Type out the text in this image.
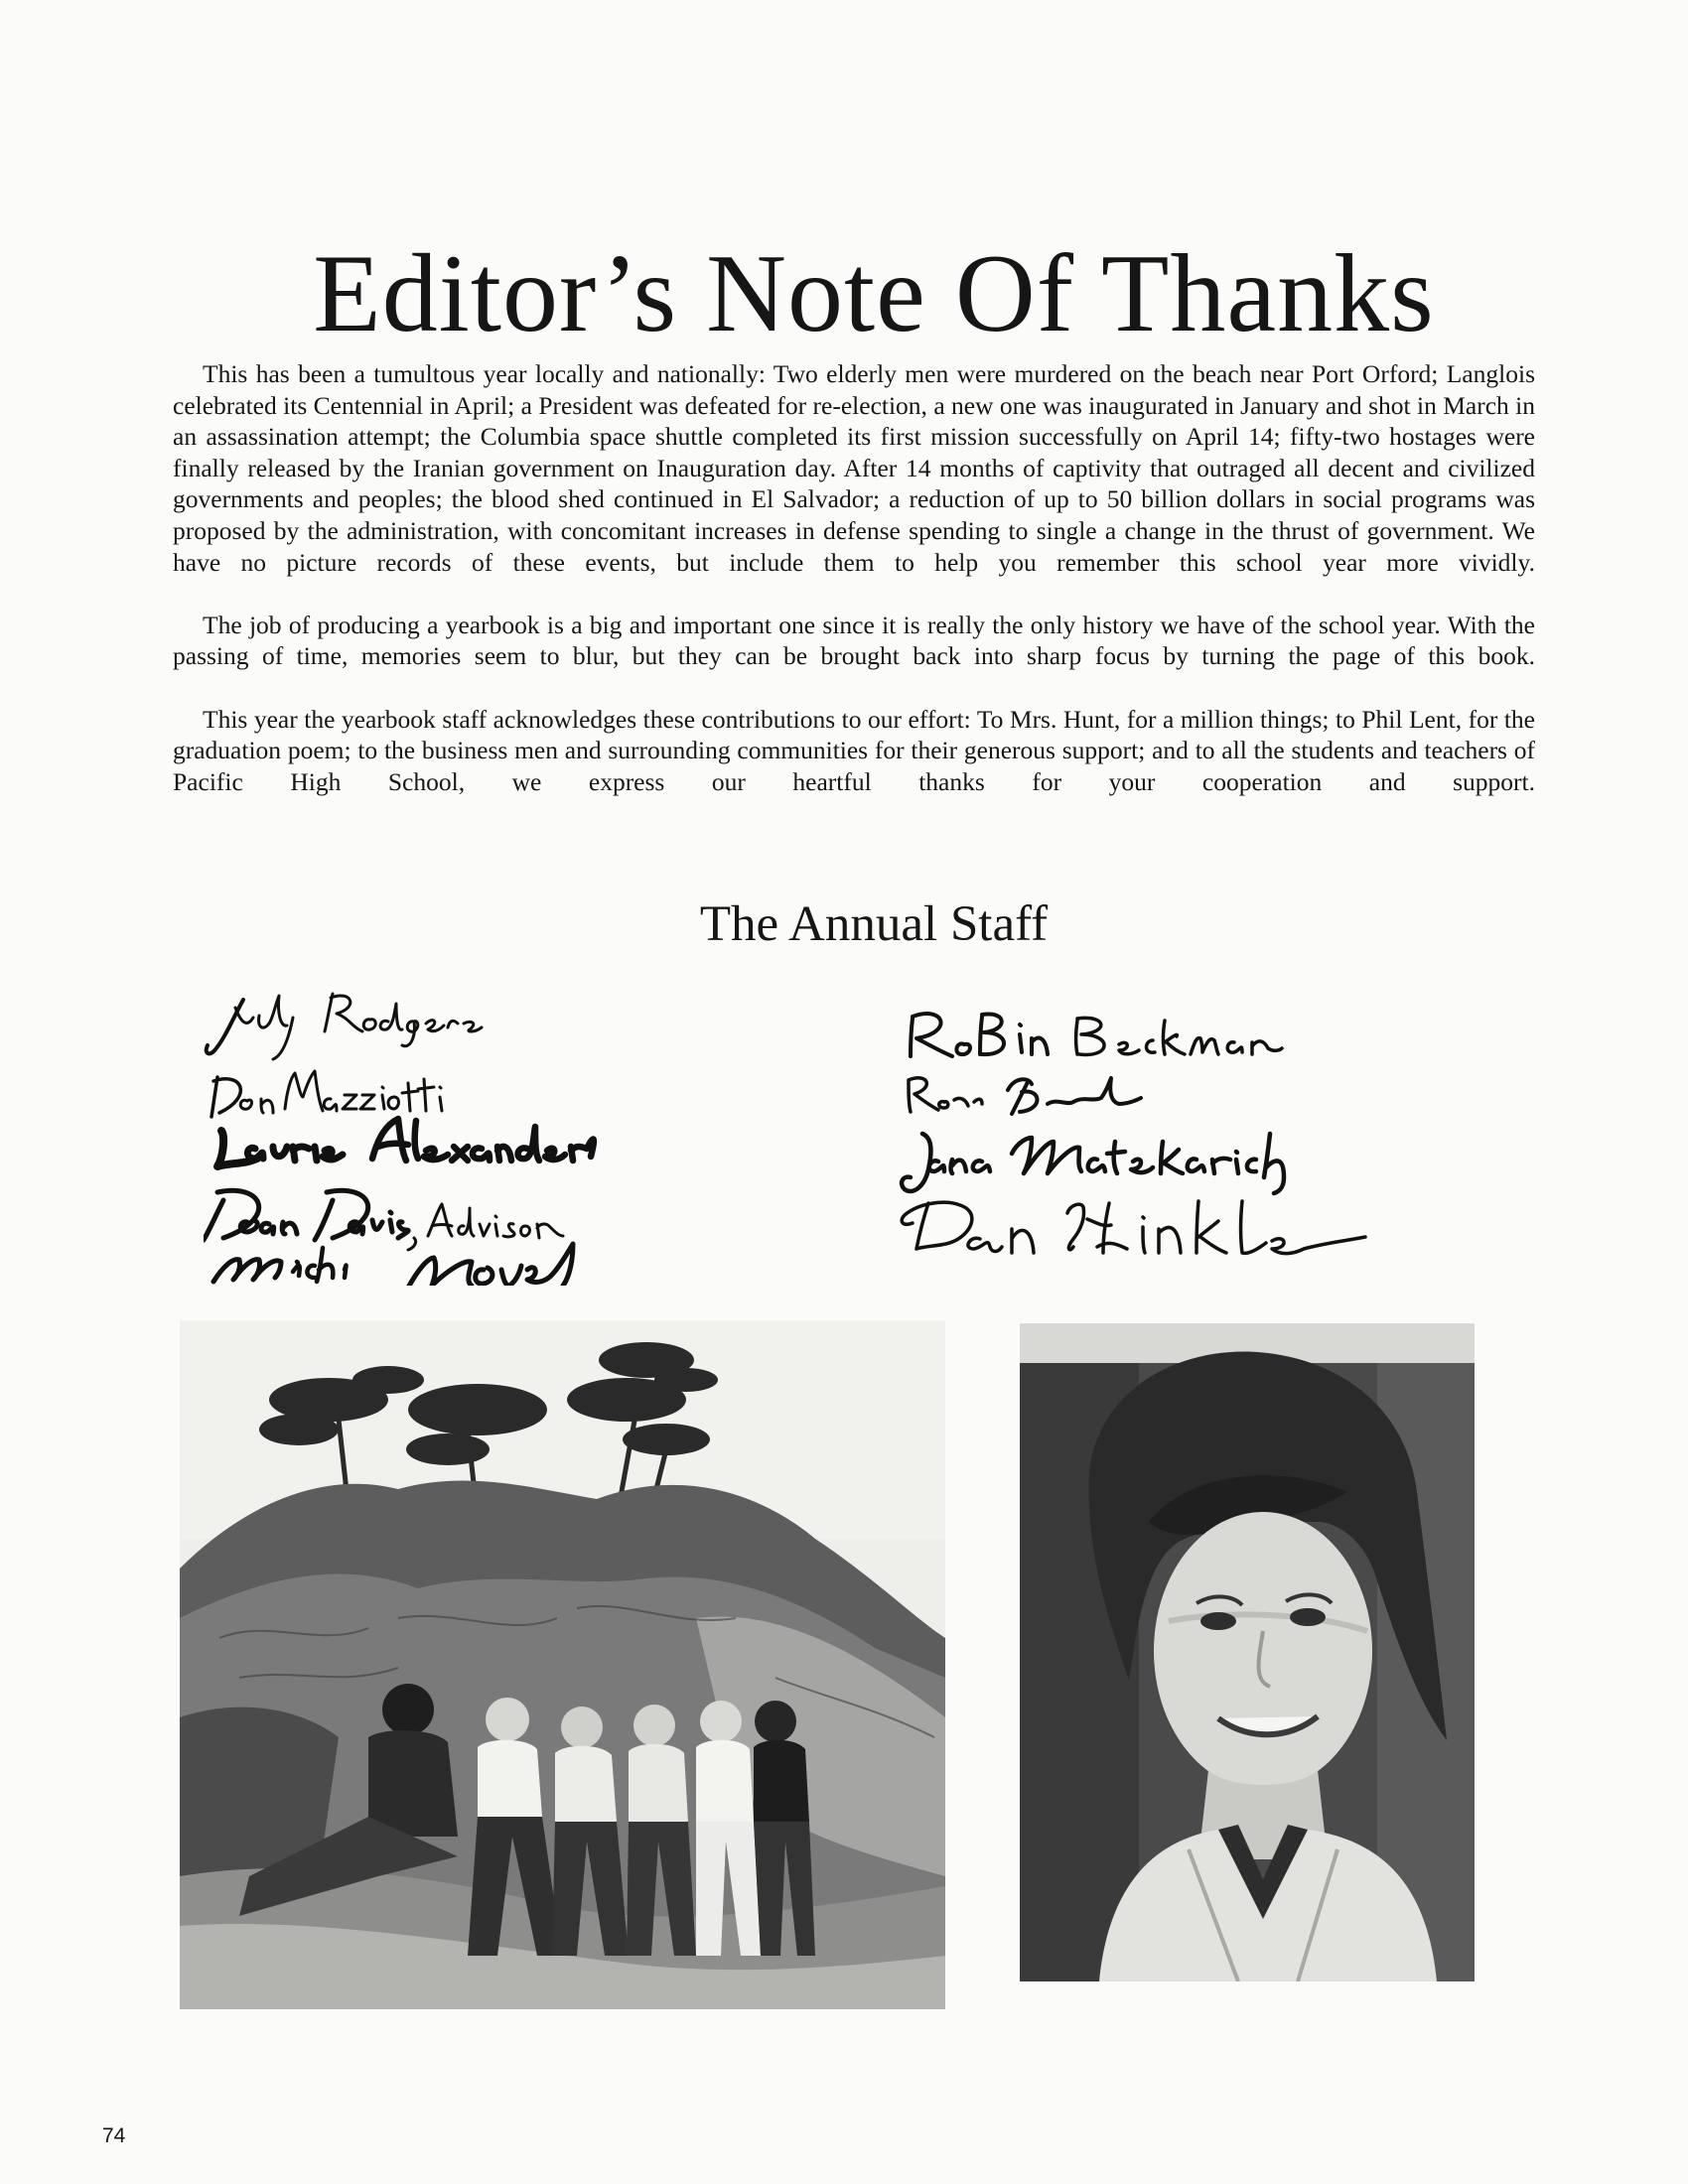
Editor’s Note Of Thanks

This has been a tumultous year locally and nationally: Two elderly men were murdered on the beach near Port Orford; Langlois celebrated its Centennial in April; a President was defeated for re-election, a new one was inaugurated in January and shot in March in an assassination attempt; the Columbia space shuttle completed its first mission successfully on April 14; fifty-two hostages were finally released by the Iranian government on Inauguration day. After 14 months of captivity that outraged all decent and civilized governments and peoples; the blood shed continued in El Salvador; a reduction of up to 50 billion dollars in social programs was proposed by the administration, with concomitant increases in defense spending to single a change in the thrust of government. We have no picture records of these events, but include them to help you remember this school year more vividly.

The job of producing a yearbook is a big and important one since it is really the only history we have of the school year. With the passing of time, memories seem to blur, but they can be brought back into sharp focus by turning the page of this book.

This year the yearbook staff acknowledges these contributions to our effort: To Mrs. Hunt, for a million things; to Phil Lent, for the graduation poem; to the business men and surrounding communities for their generous support; and to all the students and teachers of Pacific High School, we express our heartful thanks for your cooperation and support.

The Annual Staff
74
